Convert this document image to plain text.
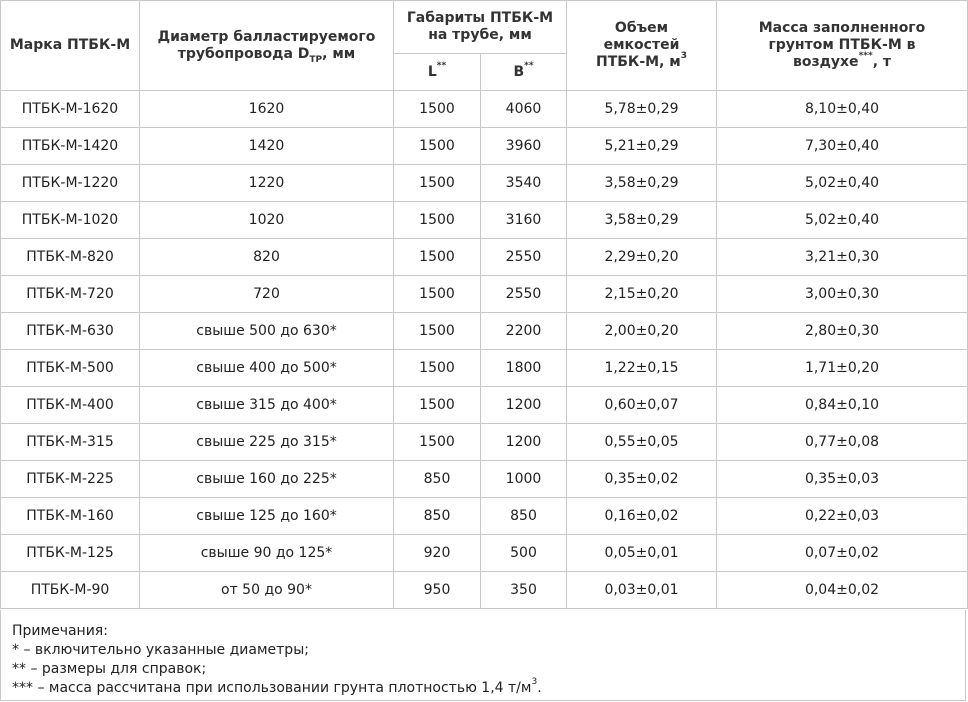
Марка ПТБК-М	Диаметр балластируемого трубопровода $D_{ТР}$, мм	Габариты ПТБК-М на трубе, мм		Объем емкостей ПТБК-М, $м^3$	Масса заполненного грунтом ПТБК-М в воздухе***, т
		L**	B**
ПТБК-М-1620	1620	1500	4060	5,78±0,29	8,10±0,40
ПТБК-М-1420	1420	1500	3960	5,21±0,29	7,30±0,40
ПТБК-М-1220	1220	1500	3540	3,58±0,29	5,02±0,40
ПТБК-М-1020	1020	1500	3160	3,58±0,29	5,02±0,40
ПТБК-М-820	820	1500	2550	2,29±0,20	3,21±0,30
ПТБК-М-720	720	1500	2550	2,15±0,20	3,00±0,30
ПТБК-М-630	свыше 500 до 630*	1500	2200	2,00±0,20	2,80±0,30
ПТБК-М-500	свыше 400 до 500*	1500	1800	1,22±0,15	1,71±0,20
ПТБК-М-400	свыше 315 до 400*	1500	1200	0,60±0,07	0,84±0,10
ПТБК-М-315	свыше 225 до 315*	1500	1200	0,55±0,05	0,77±0,08
ПТБК-М-225	свыше 160 до 225*	850	1000	0,35±0,02	0,35±0,03
ПТБК-М-160	свыше 125 до 160*	850	850	0,16±0,02	0,22±0,03
ПТБК-М-125	свыше 90 до 125*	920	500	0,05±0,01	0,07±0,02
ПТБК-М-90	от 50 до 90*	950	350	0,03±0,01	0,04±0,02
Примечания:
* – включительно указанные диаметры;
** – размеры для справок;
*** – масса рассчитана при использовании грунта плотностью 1,4 $т/м^3$.
